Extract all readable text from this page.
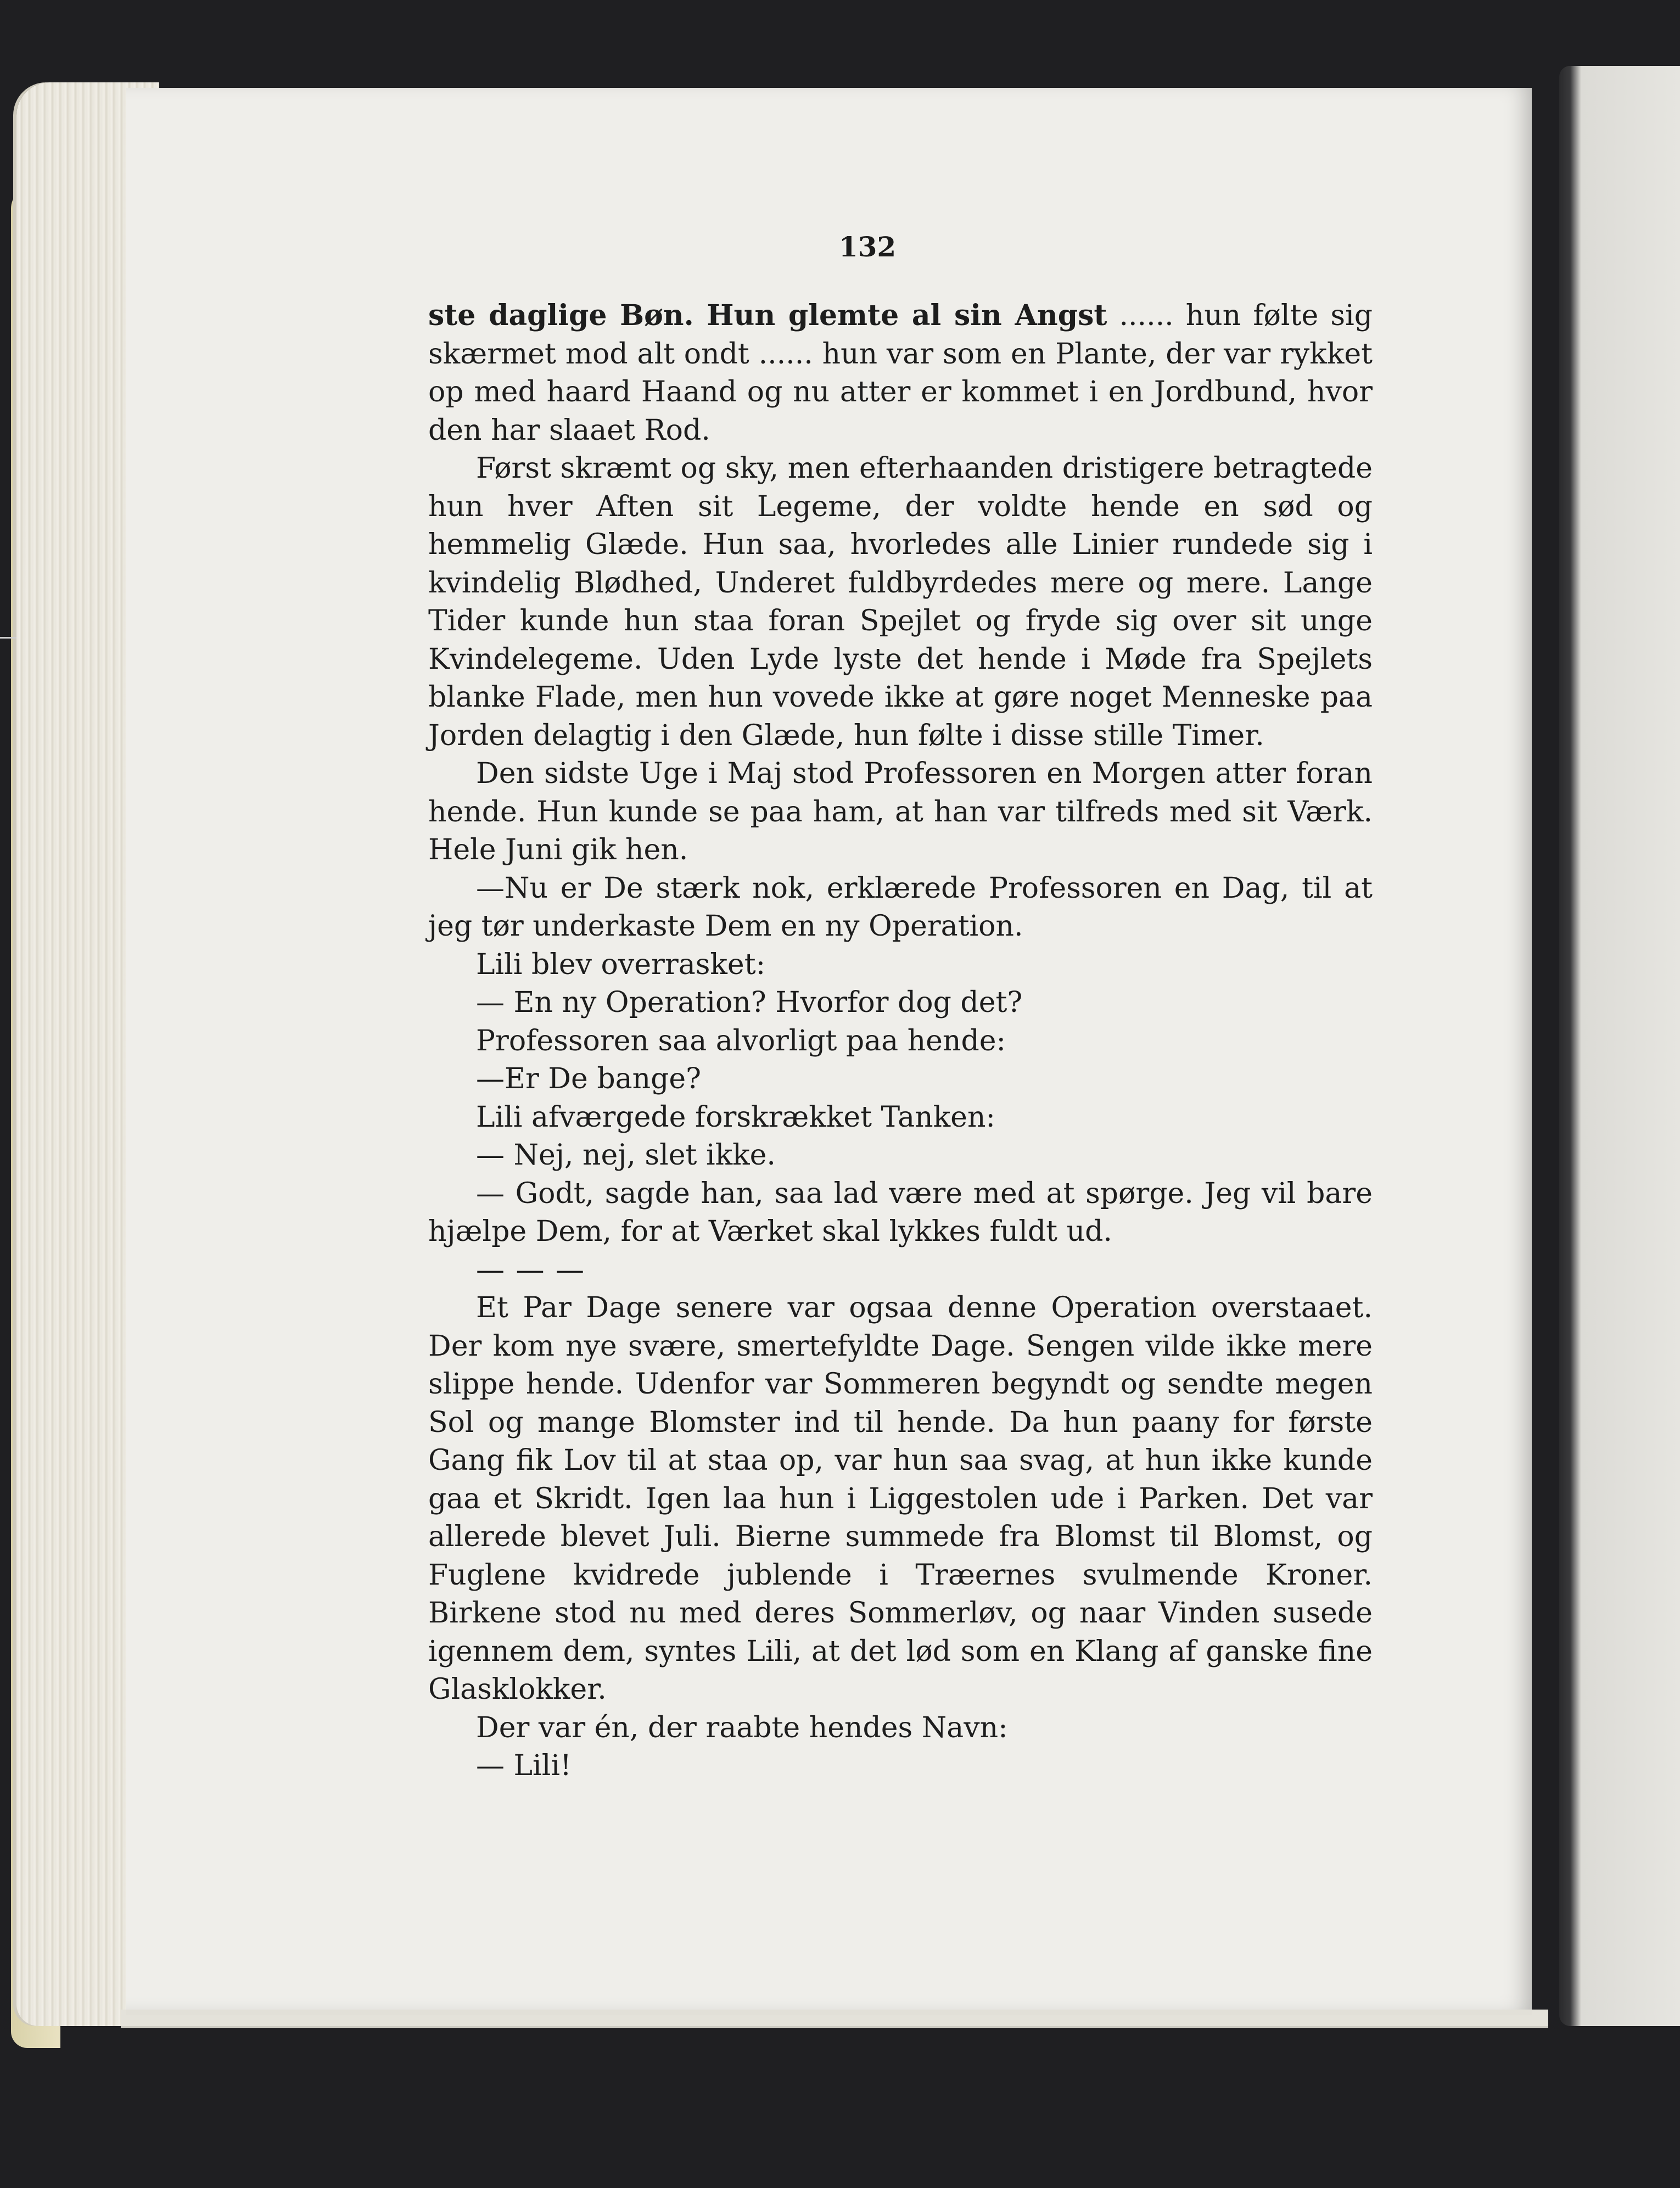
132

ste daglige Bøn. Hun glemte al sin Angst ...... hun følte sig skærmet mod alt ondt ...... hun var som en Plante, der var rykket op med haard Haand og nu atter er kommet i en Jordbund, hvor den har slaaet Rod.

Først skræmt og sky, men efterhaanden dristigere betragtede hun hver Aften sit Legeme, der voldte hende en sød og hemmelig Glæde. Hun saa, hvorledes alle Linier rundede sig i kvindelig Blødhed, Underet fuldbyrdedes mere og mere. Lange Tider kunde hun staa foran Spejlet og fryde sig over sit unge Kvindelegeme. Uden Lyde lyste det hende i Møde fra Spejlets blanke Flade, men hun vovede ikke at gøre noget Menneske paa Jorden delagtig i den Glæde, hun følte i disse stille Timer.

Den sidste Uge i Maj stod Professoren en Morgen atter foran hende. Hun kunde se paa ham, at han var tilfreds med sit Værk. Hele Juni gik hen.

—Nu er De stærk nok, erklærede Professoren en Dag, til at jeg tør underkaste Dem en ny Operation.

Lili blev overrasket:

— En ny Operation? Hvorfor dog det?

Professoren saa alvorligt paa hende:

—Er De bange?

Lili afværgede forskrækket Tanken:

— Nej, nej, slet ikke.

— Godt, sagde han, saa lad være med at spørge. Jeg vil bare hjælpe Dem, for at Værket skal lykkes fuldt ud.

— — —

Et Par Dage senere var ogsaa denne Operation overstaaet. Der kom nye svære, smertefyldte Dage. Sengen vilde ikke mere slippe hende. Udenfor var Sommeren begyndt og sendte megen Sol og mange Blomster ind til hende. Da hun paany for første Gang fik Lov til at staa op, var hun saa svag, at hun ikke kunde gaa et Skridt. Igen laa hun i Liggestolen ude i Parken. Det var allerede blevet Juli. Bierne summede fra Blomst til Blomst, og Fuglene kvidrede jublende i Træernes svulmende Kroner. Birkene stod nu med deres Sommerløv, og naar Vinden susede igennem dem, syntes Lili, at det lød som en Klang af ganske fine Glasklokker.

Der var én, der raabte hendes Navn:

— Lili!
